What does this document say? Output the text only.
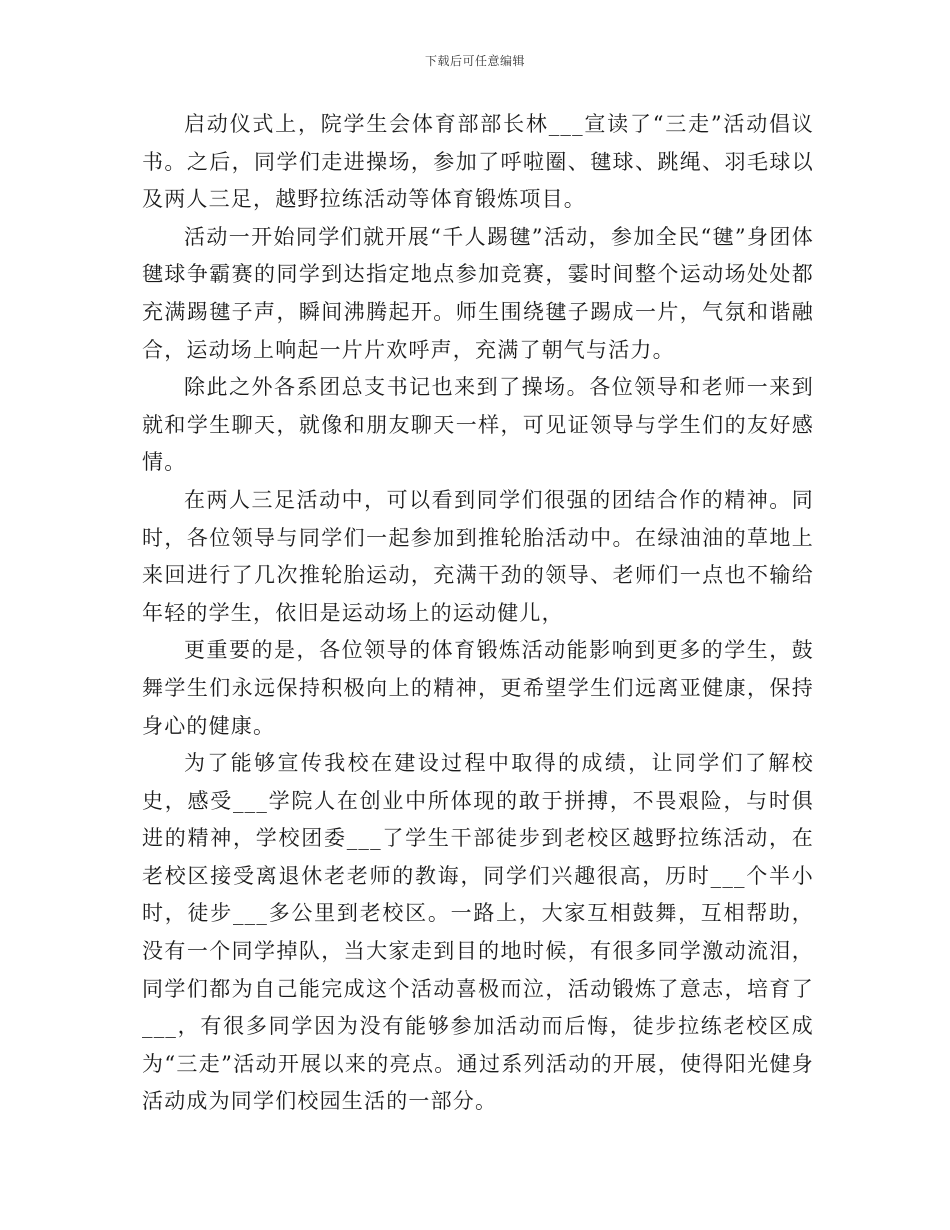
下载后可任意编辑

启动仪式上，院学生会体育部部长林___宣读了“三走”活动倡议书。之后，同学们走进操场，参加了呼啦圈、毽球、跳绳、羽毛球以及两人三足，越野拉练活动等体育锻炼项目。

活动一开始同学们就开展“千人踢毽”活动，参加全民“毽”身团体毽球争霸赛的同学到达指定地点参加竞赛，霎时间整个运动场处处都充满踢毽子声，瞬间沸腾起开。师生围绕毽子踢成一片，气氛和谐融合，运动场上响起一片片欢呼声，充满了朝气与活力。

除此之外各系团总支书记也来到了操场。各位领导和老师一来到就和学生聊天，就像和朋友聊天一样，可见证领导与学生们的友好感情。

在两人三足活动中，可以看到同学们很强的团结合作的精神。同时，各位领导与同学们一起参加到推轮胎活动中。在绿油油的草地上来回进行了几次推轮胎运动，充满干劲的领导、老师们一点也不输给年轻的学生，依旧是运动场上的运动健儿，

更重要的是，各位领导的体育锻炼活动能影响到更多的学生，鼓舞学生们永远保持积极向上的精神，更希望学生们远离亚健康，保持身心的健康。

为了能够宣传我校在建设过程中取得的成绩，让同学们了解校史，感受___学院人在创业中所体现的敢于拼搏，不畏艰险，与时俱进的精神，学校团委___了学生干部徒步到老校区越野拉练活动，在老校区接受离退休老老师的教诲，同学们兴趣很高，历时___个半小时，徒步___多公里到老校区。一路上，大家互相鼓舞，互相帮助，没有一个同学掉队，当大家走到目的地时候，有很多同学激动流泪，同学们都为自己能完成这个活动喜极而泣，活动锻炼了意志，培育了___，有很多同学因为没有能够参加活动而后悔，徒步拉练老校区成为“三走”活动开展以来的亮点。通过系列活动的开展，使得阳光健身活动成为同学们校园生活的一部分。
